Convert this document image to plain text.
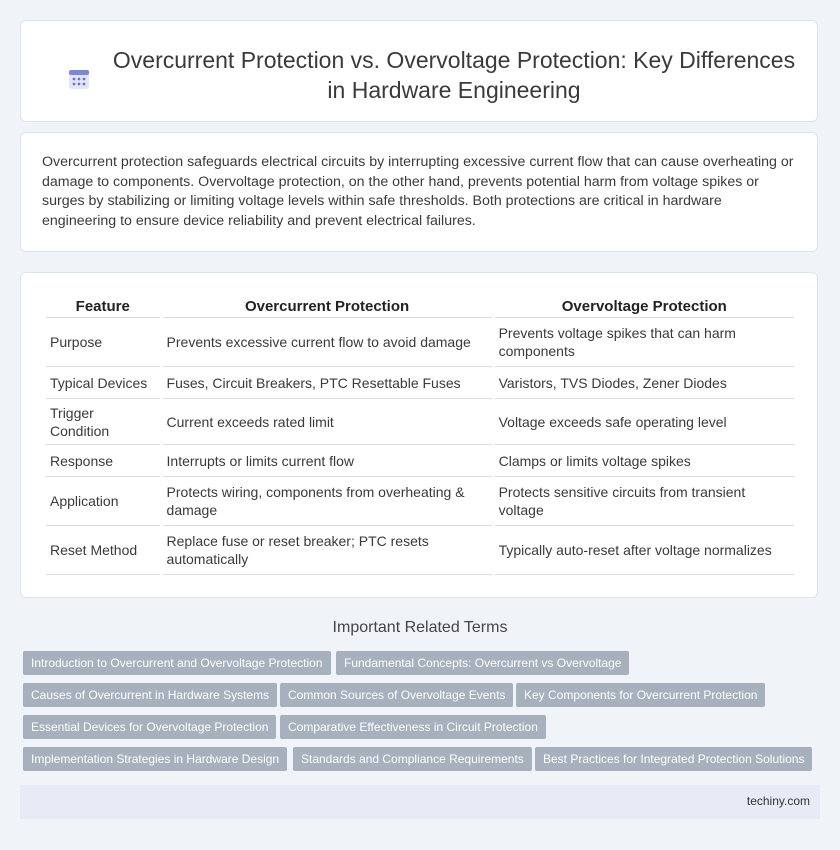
Overcurrent Protection vs. Overvoltage Protection: Key Differences in Hardware Engineering

Overcurrent protection safeguards electrical circuits by interrupting excessive current flow that can cause overheating or damage to components. Overvoltage protection, on the other hand, prevents potential harm from voltage spikes or surges by stabilizing or limiting voltage levels within safe thresholds. Both protections are critical in hardware engineering to ensure device reliability and prevent electrical failures.

Feature	Overcurrent Protection	Overvoltage Protection
Purpose	Prevents excessive current flow to avoid damage	Prevents voltage spikes that can harm components
Typical Devices	Fuses, Circuit Breakers, PTC Resettable Fuses	Varistors, TVS Diodes, Zener Diodes
Trigger Condition	Current exceeds rated limit	Voltage exceeds safe operating level
Response	Interrupts or limits current flow	Clamps or limits voltage spikes
Application	Protects wiring, components from overheating & damage	Protects sensitive circuits from transient voltage
Reset Method	Replace fuse or reset breaker; PTC resets automatically	Typically auto-reset after voltage normalizes
Important Related Terms
Introduction to Overcurrent and Overvoltage Protection	Fundamental Concepts: Overcurrent vs Overvoltage
Causes of Overcurrent in Hardware Systems	Common Sources of Overvoltage Events	Key Components for Overcurrent Protection
Essential Devices for Overvoltage Protection	Comparative Effectiveness in Circuit Protection
Implementation Strategies in Hardware Design	Standards and Compliance Requirements	Best Practices for Integrated Protection Solutions
techiny.com
